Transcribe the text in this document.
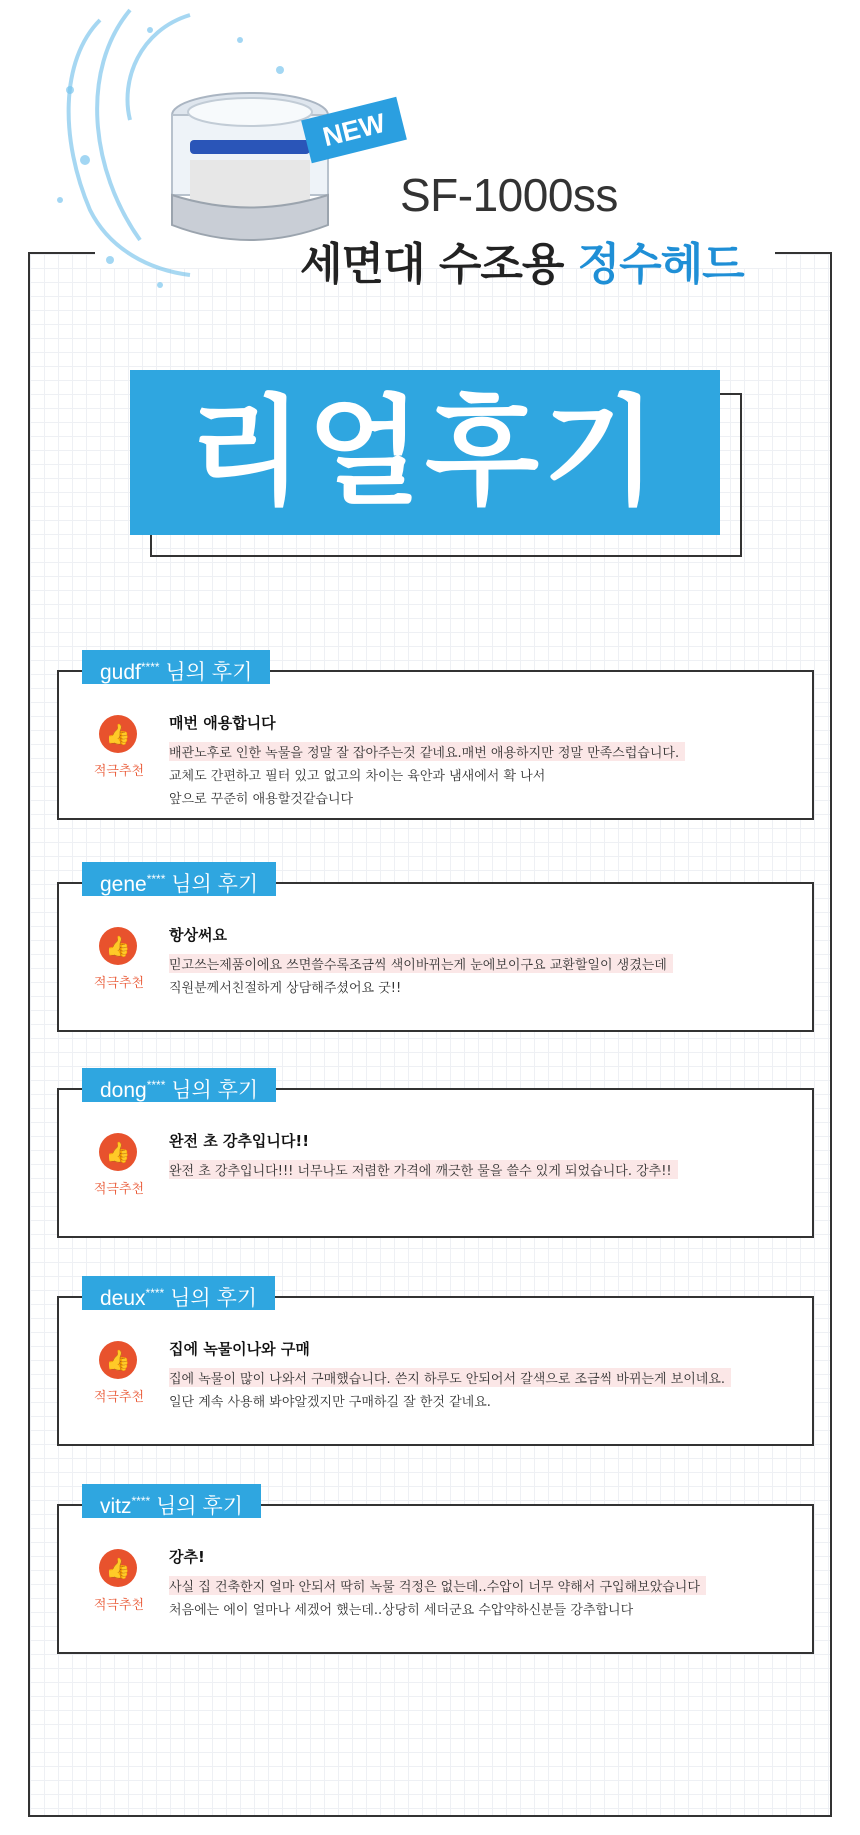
NEW
SF-1000ss
세면대 수조용 정수헤드
리얼후기
gudf**** 님의 후기
👍
적극추천
매번 애용합니다
배관노후로 인한 녹물을 정말 잘 잡아주는것 같네요.매번 애용하지만 정말 만족스럽습니다.
교체도 간편하고 필터 있고 없고의 차이는 육안과 냄새에서 확 나서
앞으로 꾸준히 애용할것같습니다
gene**** 님의 후기
👍
적극추천
항상써요
믿고쓰는제품이에요 쓰면쓸수록조금씩 색이바뀌는게 눈에보이구요 교환할일이 생겼는데
직원분께서친절하게 상담해주셨어요 굿!!
dong**** 님의 후기
👍
적극추천
완전 초 강추입니다!!
완전 초 강추입니다!!! 너무나도 저렴한 가격에 깨긋한 물을 쓸수 있게 되었습니다. 강추!!
deux**** 님의 후기
👍
적극추천
집에 녹물이나와 구매
집에 녹물이 많이 나와서 구매했습니다. 쓴지 하루도 안되어서 갈색으로 조금씩 바뀌는게 보이네요.
일단 계속 사용해 봐야알겠지만 구매하길 잘 한것 같네요.
vitz**** 님의 후기
👍
적극추천
강추!
사실 집 건축한지 얼마 안되서 딱히 녹물 걱정은 없는데..수압이 너무 약해서 구입해보았습니다
처음에는 에이 얼마나 세겠어 했는데..상당히 세더군요 수압약하신분들 강추합니다
